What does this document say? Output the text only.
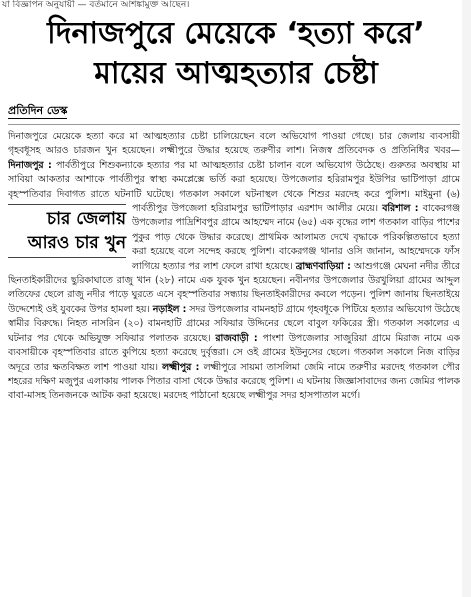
যা বিজ্ঞাপন অনুযায়ী — বর্তমানে আশঙ্কামুক্ত আছেন।
দিনাজপুরে মেয়েকে ‘হত্যা করে’
মায়ের আত্মহত্যার চেষ্টা
প্রতিদিন ডেস্ক

দিনাজপুরে মেয়েকে হত্যা করে মা আত্মহত্যার চেষ্টা চালিয়েছেন বলে অভিযোগ পাওয়া গেছে। চার জেলায় ব্যবসায়ী গৃহবধূসহ আরও চারজন খুন হয়েছেন। লক্ষ্মীপুরে উদ্ধার হয়েছে তরুণীর লাশ। নিজস্ব প্রতিবেদক ও প্রতিনিধির খবর— দিনাজপুর : পার্বতীপুরে শিশুকন্যাকে হত্যার পর মা আত্মহত্যার চেষ্টা চালান বলে অভিযোগ উঠেছে। গুরুতর অবস্থায় মা সাবিয়া আকতার আশাকে পার্বতীপুর স্বাস্থ্য কমপ্লেক্সে ভর্তি করা হয়েছে। উপজেলার হরিরামপুর ইউপির ভাটিপাড়া গ্রামে বৃহস্পতিবার দিবাগত রাতে ঘটনাটি ঘটেছে। গতকাল সকালে ঘটনাস্থল থেকে শিশুর মরদেহ করে পুলিশ। মাইমুনা (৬) পার্বতীপুর উপজেলা হরিরামপুর ভাটিপাড়ার এরশাদ আলীর মেয়ে। বরিশাল :
চার জেলায়
আরও চার খুন
বাকেরগঞ্জ উপজেলার পাদ্রিশিবপুর গ্রামে আহম্মেদ নামে (৬৫) এক বৃদ্ধের লাশ গতকাল বাড়ির পাশের পুকুর পাড় থেকে উদ্ধার করেছে। প্রাথমিক আলামত দেখে বৃদ্ধাকে পরিকল্পিতভাবে হত্যা করা হয়েছে বলে সন্দেহ করছে পুলিশ। বাকেরগঞ্জ থানার ওসি জানান, আহম্মেদকে ফাঁস লাগিয়ে হত্যার পর লাশ ফেলে রাখা হয়েছে। ব্রাহ্মণবাড়িয়া : আশুগঞ্জে মেঘনা নদীর তীরে ছিনতাইকারীদের ছুরিকাঘাতে রাজু খান (২৮) নামে এক যুবক খুন হয়েছেন। নবীনগর উপজেলার উরখুলিয়া গ্রামের আব্দুল লতিফের ছেলে রাজু নদীর পাড়ে ঘুরতে এসে বৃহস্পতিবার সন্ধ্যায় ছিনতাইকারীদের কবলে পড়েন। পুলিশ জানায় ছিনতাইয়ে উদ্দেশ্যেই ওই যুবকের উপর হামলা হয়। নড়াইল : সদর উপজেলার বামনহাট গ্রামে গৃহবধূকে পিটিয়ে হত্যার অভিযোগ উঠেছে স্বামীর বিরুদ্ধে। নিহত নাসরিন (২০) বামনহাটি গ্রামের সফিয়ার উদ্দিনের ছেলে বাবুল ফকিরের স্ত্রী। গতকাল সকালের এ ঘটনার পর থেকে অভিযুক্ত সফিয়ার পলাতক রয়েছে। রাজবাড়ী : পাংশা উপজেলার সাজুরিয়া গ্রামে মিরাজ নামে এক ব্যবসায়ীকে বৃহস্পতিবার রাতে কুপিয়ে হত্যা করেছে দুর্বৃত্তরা। সে ওই গ্রামের ইউনুসের ছেলে। গতকাল সকালে নিজ বাড়ির অদূরে তার ক্ষতবিক্ষত লাশ পাওয়া যায়। লক্ষ্মীপুর : লক্ষ্মীপুরে সায়মা তাসলিমা জেমি নামে তরুণীর মরদেহ গতকাল পৌর শহরের দক্ষিণ মজুপুর এলাকায় পালক পিতার বাসা থেকে উদ্ধার করেছে পুলিশ। এ ঘটনায় জিজ্ঞাসাবাদের জন্য জেমির পালক বাবা-মাসহ তিনজনকে আটক করা হয়েছে। মরদেহ পাঠানো হয়েছে লক্ষ্মীপুর সদর হাসপাতাল মর্গে।
